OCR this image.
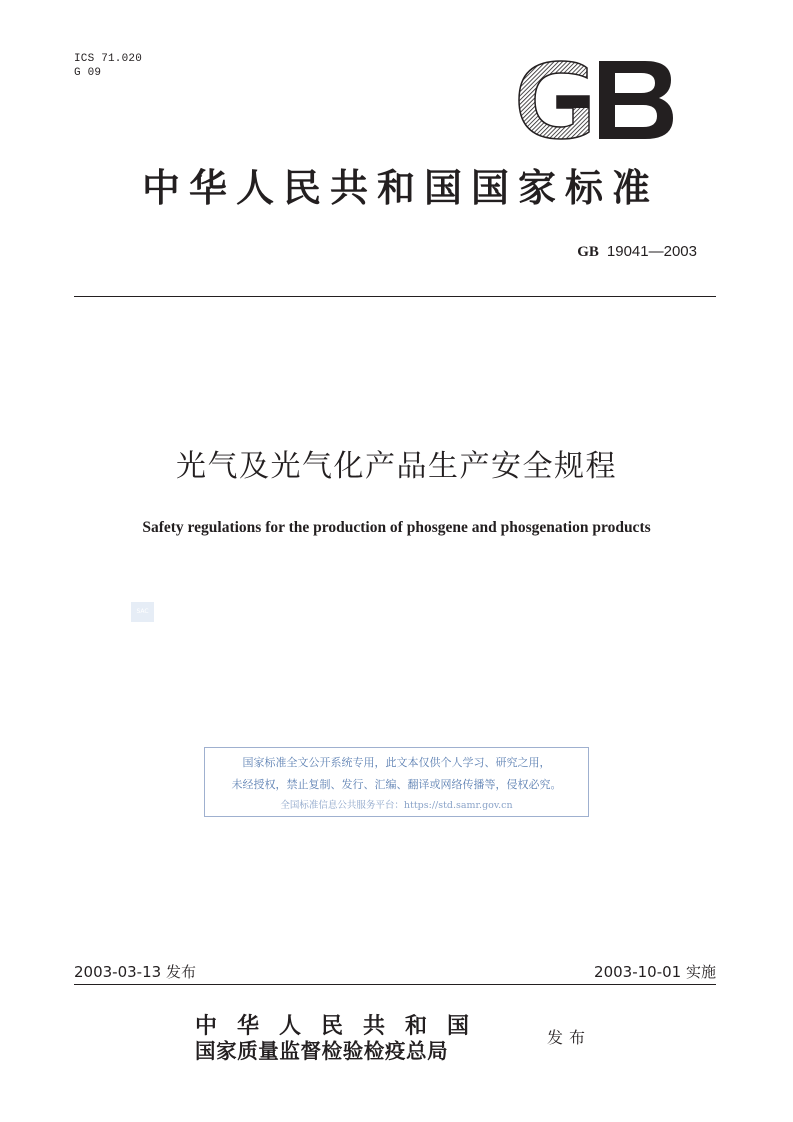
ICS 71.020
G 09
中华人民共和国国家标准
GB 19041—2003
光气及光气化产品生产安全规程
Safety regulations for the production of phosgene and phosgenation products
SAC
国家标准全文公开系统专用，此文本仅供个人学习、研究之用，
未经授权，禁止复制、发行、汇编、翻译或网络传播等，侵权必究。
全国标准信息公共服务平台：https://std.samr.gov.cn
2003-03-13 发布	2003-10-01 实施
中华人民共和国
国家质量监督检验检疫总局
发布
